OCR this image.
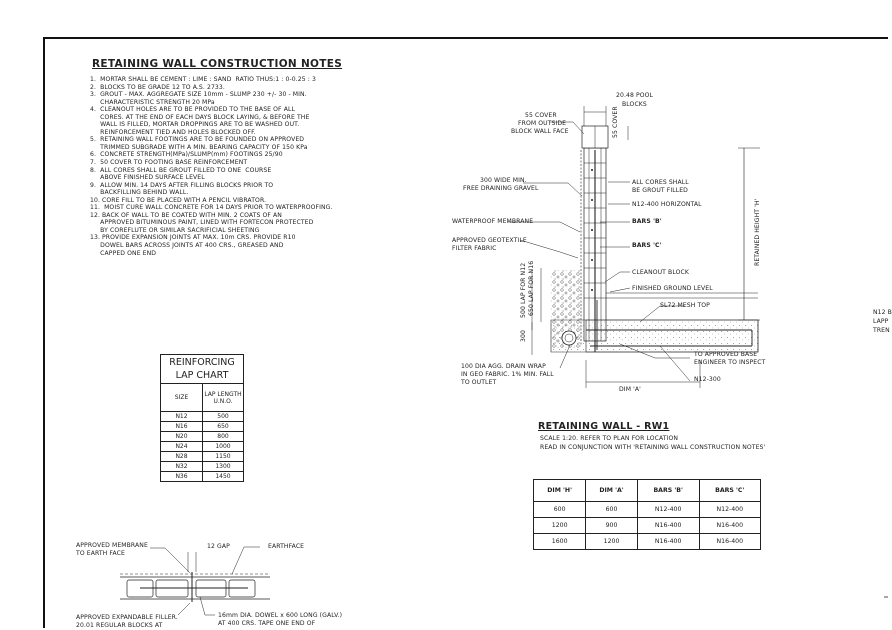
RETAINING WALL CONSTRUCTION NOTES
1.  MORTAR SHALL BE CEMENT : LIME : SAND  RATIO THUS:1 : 0-0.25 : 3
2.  BLOCKS TO BE GRADE 12 TO A.S. 2733.
3.  GROUT - MAX. AGGREGATE SIZE 10mm - SLUMP 230 +/- 30 - MIN.
CHARACTERISTIC STRENGTH 20 MPa
4.  CLEANOUT HOLES ARE TO BE PROVIDED TO THE BASE OF ALL
CORES. AT THE END OF EACH DAYS BLOCK LAYING, & BEFORE THE
WALL IS FILLED, MORTAR DROPPINGS ARE TO BE WASHED OUT.
REINFORCEMENT TIED AND HOLES BLOCKED OFF.
5.  RETAINING WALL FOOTINGS ARE TO BE FOUNDED ON APPROVED
TRIMMED SUBGRADE WITH A MIN. BEARING CAPACITY OF 150 KPa
6.  CONCRETE STRENGTH(MPa)/SLUMP(mm) FOOTINGS 25/90
7.  50 COVER TO FOOTING BASE REINFORCEMENT
8.  ALL CORES SHALL BE GROUT FILLED TO ONE  COURSE
ABOVE FINISHED SURFACE LEVEL
9.  ALLOW MIN. 14 DAYS AFTER FILLING BLOCKS PRIOR TO
BACKFILLING BEHIND WALL.
10. CORE FILL TO BE PLACED WITH A PENCIL VIBRATOR.
11.  MOIST CURE WALL CONCRETE FOR 14 DAYS PRIOR TO WATERPROOFING.
12. BACK OF WALL TO BE COATED WITH MIN. 2 COATS OF AN
APPROVED BITUMINOUS PAINT, LINED WITH FORTECON PROTECTED
BY COREFLUTE OR SIMILAR SACRIFICIAL SHEETING
13. PROVIDE EXPANSION JOINTS AT MAX. 10m CRS. PROVIDE R10
DOWEL BARS ACROSS JOINTS AT 400 CRS., GREASED AND
CAPPED ONE END
REINFORCING
LAP CHART	
SIZE	LAP LENGTH U.N.O.
N12	500
N16	650
N20	800
N24	1000
N28	1150
N32	1300
N36	1450
20.48 POOL
BLOCKS
55 COVER
FROM OUTSIDE
BLOCK WALL FACE	55 COVER
300 WIDE MIN.
FREE DRAINING GRAVEL
ALL CORES SHALL
BE GROUT FILLED
N12-400 HORIZONTAL
WATERPROOF MEMBRANE	BARS 'B'
APPROVED GEOTEXTILE
FILTER FABRIC	BARS 'C'	RETAINED HEIGHT 'H'
CLEANOUT BLOCK
FINISHED GROUND LEVEL
SL72 MESH TOP
500 LAP FOR N12 650 LAP FOR N16
300
100 DIA AGG. DRAIN WRAP
IN GEO FABRIC. 1% MIN. FALL
TO OUTLET
TO APPROVED BASE
ENGINEER TO INSPECT
N12-300
DIM 'A'
RETAINING WALL - RW1
SCALE 1:20. REFER TO PLAN FOR LOCATION
READ IN CONJUNCTION WITH 'RETAINING WALL CONSTRUCTION NOTES'
DIM 'H'	DIM 'A'	BARS 'B'	BARS 'C'
600	600	N12-400	N12-400
1200	900	N16-400	N16-400
1600	1200	N16-400	N16-400
APPROVED MEMBRANE
TO EARTH FACE
12 GAP	EARTHFACE
APPROVED EXPANDABLE FILLER.
20.01 REGULAR BLOCKS AT
16mm DIA. DOWEL x 600 LONG (GALV.)
AT 400 CRS. TAPE ONE END OF
N12 B
LAPP
TREN
